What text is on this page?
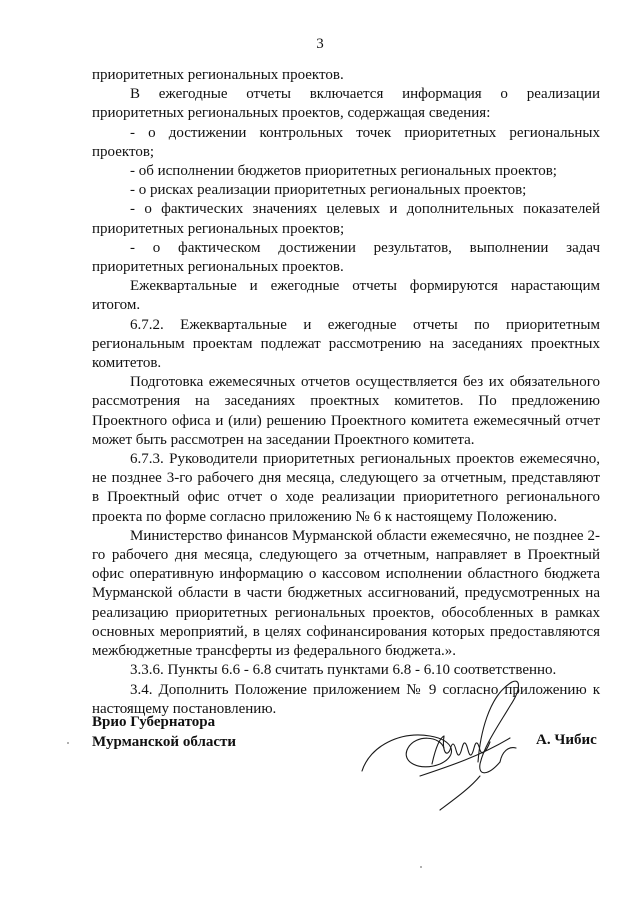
3

приоритетных региональных проектов.

В ежегодные отчеты включается информация о реализации приоритетных региональных проектов, содержащая сведения:

- о достижении контрольных точек приоритетных региональных проектов;

- об исполнении бюджетов приоритетных региональных проектов;

- о рисках реализации приоритетных региональных проектов;

- о фактических значениях целевых и дополнительных показателей приоритетных региональных проектов;

- о фактическом достижении результатов, выполнении задач приоритетных региональных проектов.

Ежеквартальные и ежегодные отчеты формируются нарастающим итогом.

6.7.2. Ежеквартальные и ежегодные отчеты по приоритетным региональным проектам подлежат рассмотрению на заседаниях проектных комитетов.

Подготовка ежемесячных отчетов осуществляется без их обязательного рассмотрения на заседаниях проектных комитетов. По предложению Проектного офиса и (или) решению Проектного комитета ежемесячный отчет может быть рассмотрен на заседании Проектного комитета.

6.7.3. Руководители приоритетных региональных проектов ежемесячно, не позднее 3-го рабочего дня месяца, следующего за отчетным, представляют в Проектный офис отчет о ходе реализации приоритетного регионального проекта по форме согласно приложению № 6 к настоящему Положению.

Министерство финансов Мурманской области ежемесячно, не позднее 2-го рабочего дня месяца, следующего за отчетным, направляет в Проектный офис оперативную информацию о кассовом исполнении областного бюджета Мурманской области в части бюджетных ассигнований, предусмотренных на реализацию приоритетных региональных проектов, обособленных в рамках основных мероприятий, в целях софинансирования которых предоставляются межбюджетные трансферты из федерального бюджета.».

3.3.6. Пункты 6.6 - 6.8 считать пунктами 6.8 - 6.10 соответственно.

3.4. Дополнить Положение приложением № 9 согласно приложению к настоящему постановлению.

Врио Губернатора
Мурманской области	А. Чибис
